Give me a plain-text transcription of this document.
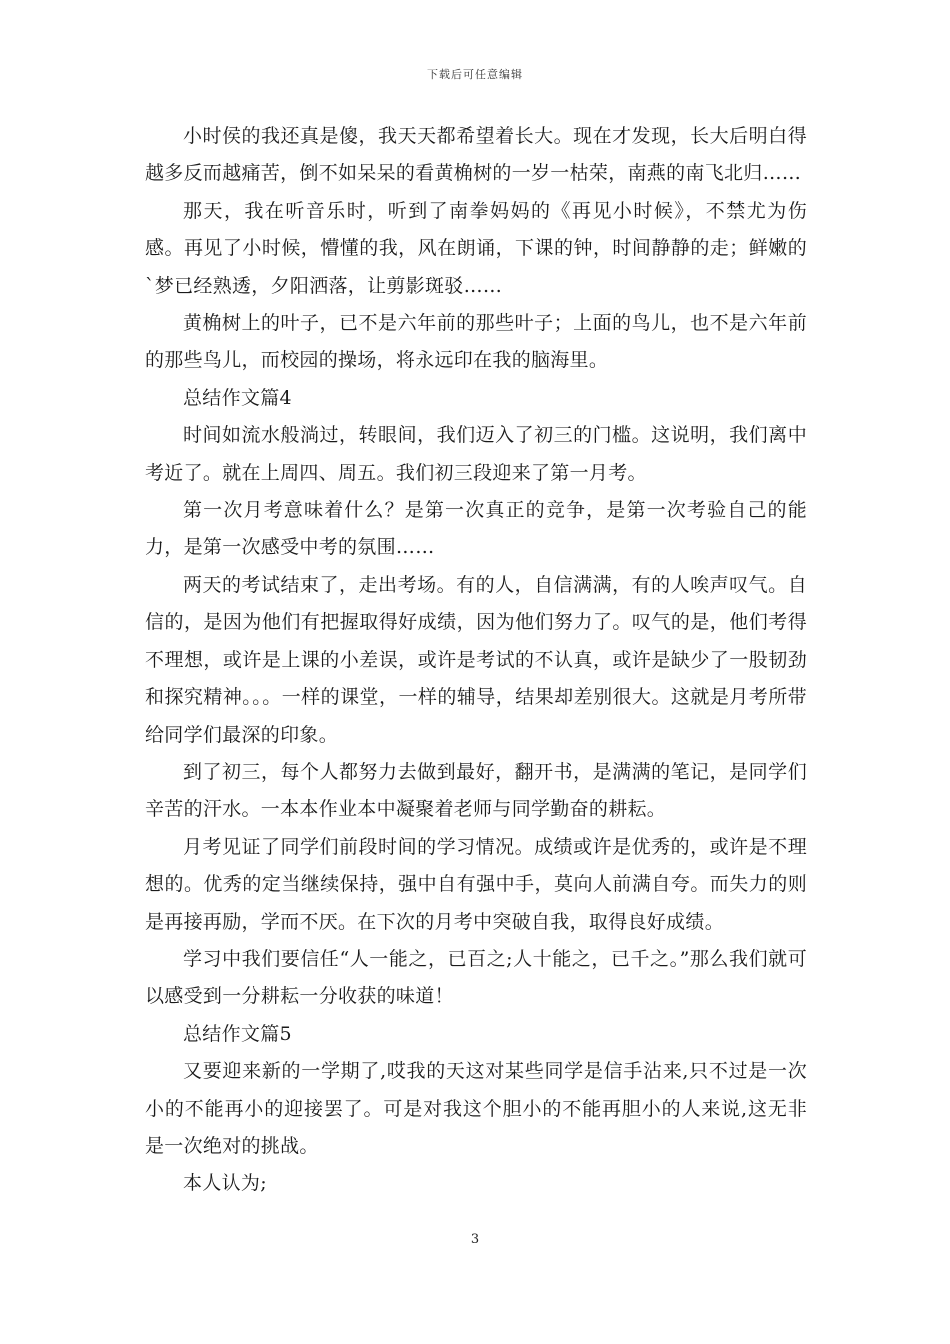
下载后可任意编辑

小时侯的我还真是傻，我天天都希望着长大。现在才发现，长大后明白得越多反而越痛苦，倒不如呆呆的看黄桷树的一岁一枯荣，南燕的南飞北归……

那天，我在听音乐时，听到了南拳妈妈的《再见小时候》，不禁尤为伤感。再见了小时候，懵懂的我，风在朗诵，下课的钟，时间静静的走；鲜嫩的`梦已经熟透，夕阳洒落，让剪影斑驳……

黄桷树上的叶子，已不是六年前的那些叶子；上面的鸟儿，也不是六年前的那些鸟儿，而校园的操场，将永远印在我的脑海里。

总结作文篇4

时间如流水般淌过，转眼间，我们迈入了初三的门槛。这说明，我们离中考近了。就在上周四、周五。我们初三段迎来了第一月考。

第一次月考意味着什么？是第一次真正的竞争，是第一次考验自己的能力，是第一次感受中考的氛围……

两天的考试结束了，走出考场。有的人，自信满满，有的人唉声叹气。自信的，是因为他们有把握取得好成绩，因为他们努力了。叹气的是，他们考得不理想，或许是上课的小差误，或许是考试的不认真，或许是缺少了一股韧劲和探究精神。。。一样的课堂，一样的辅导，结果却差别很大。这就是月考所带给同学们最深的印象。

到了初三，每个人都努力去做到最好，翻开书，是满满的笔记，是同学们辛苦的汗水。一本本作业本中凝聚着老师与同学勤奋的耕耘。

月考见证了同学们前段时间的学习情况。成绩或许是优秀的，或许是不理想的。优秀的定当继续保持，强中自有强中手，莫向人前满自夸。而失力的则是再接再励，学而不厌。在下次的月考中突破自我，取得良好成绩。

学习中我们要信任“人一能之，已百之;人十能之，已千之。”那么我们就可以感受到一分耕耘一分收获的味道！

总结作文篇5

又要迎来新的一学期了,哎我的天这对某些同学是信手沾来,只不过是一次小的不能再小的迎接罢了。可是对我这个胆小的不能再胆小的人来说,这无非是一次绝对的挑战。

本人认为;

3
